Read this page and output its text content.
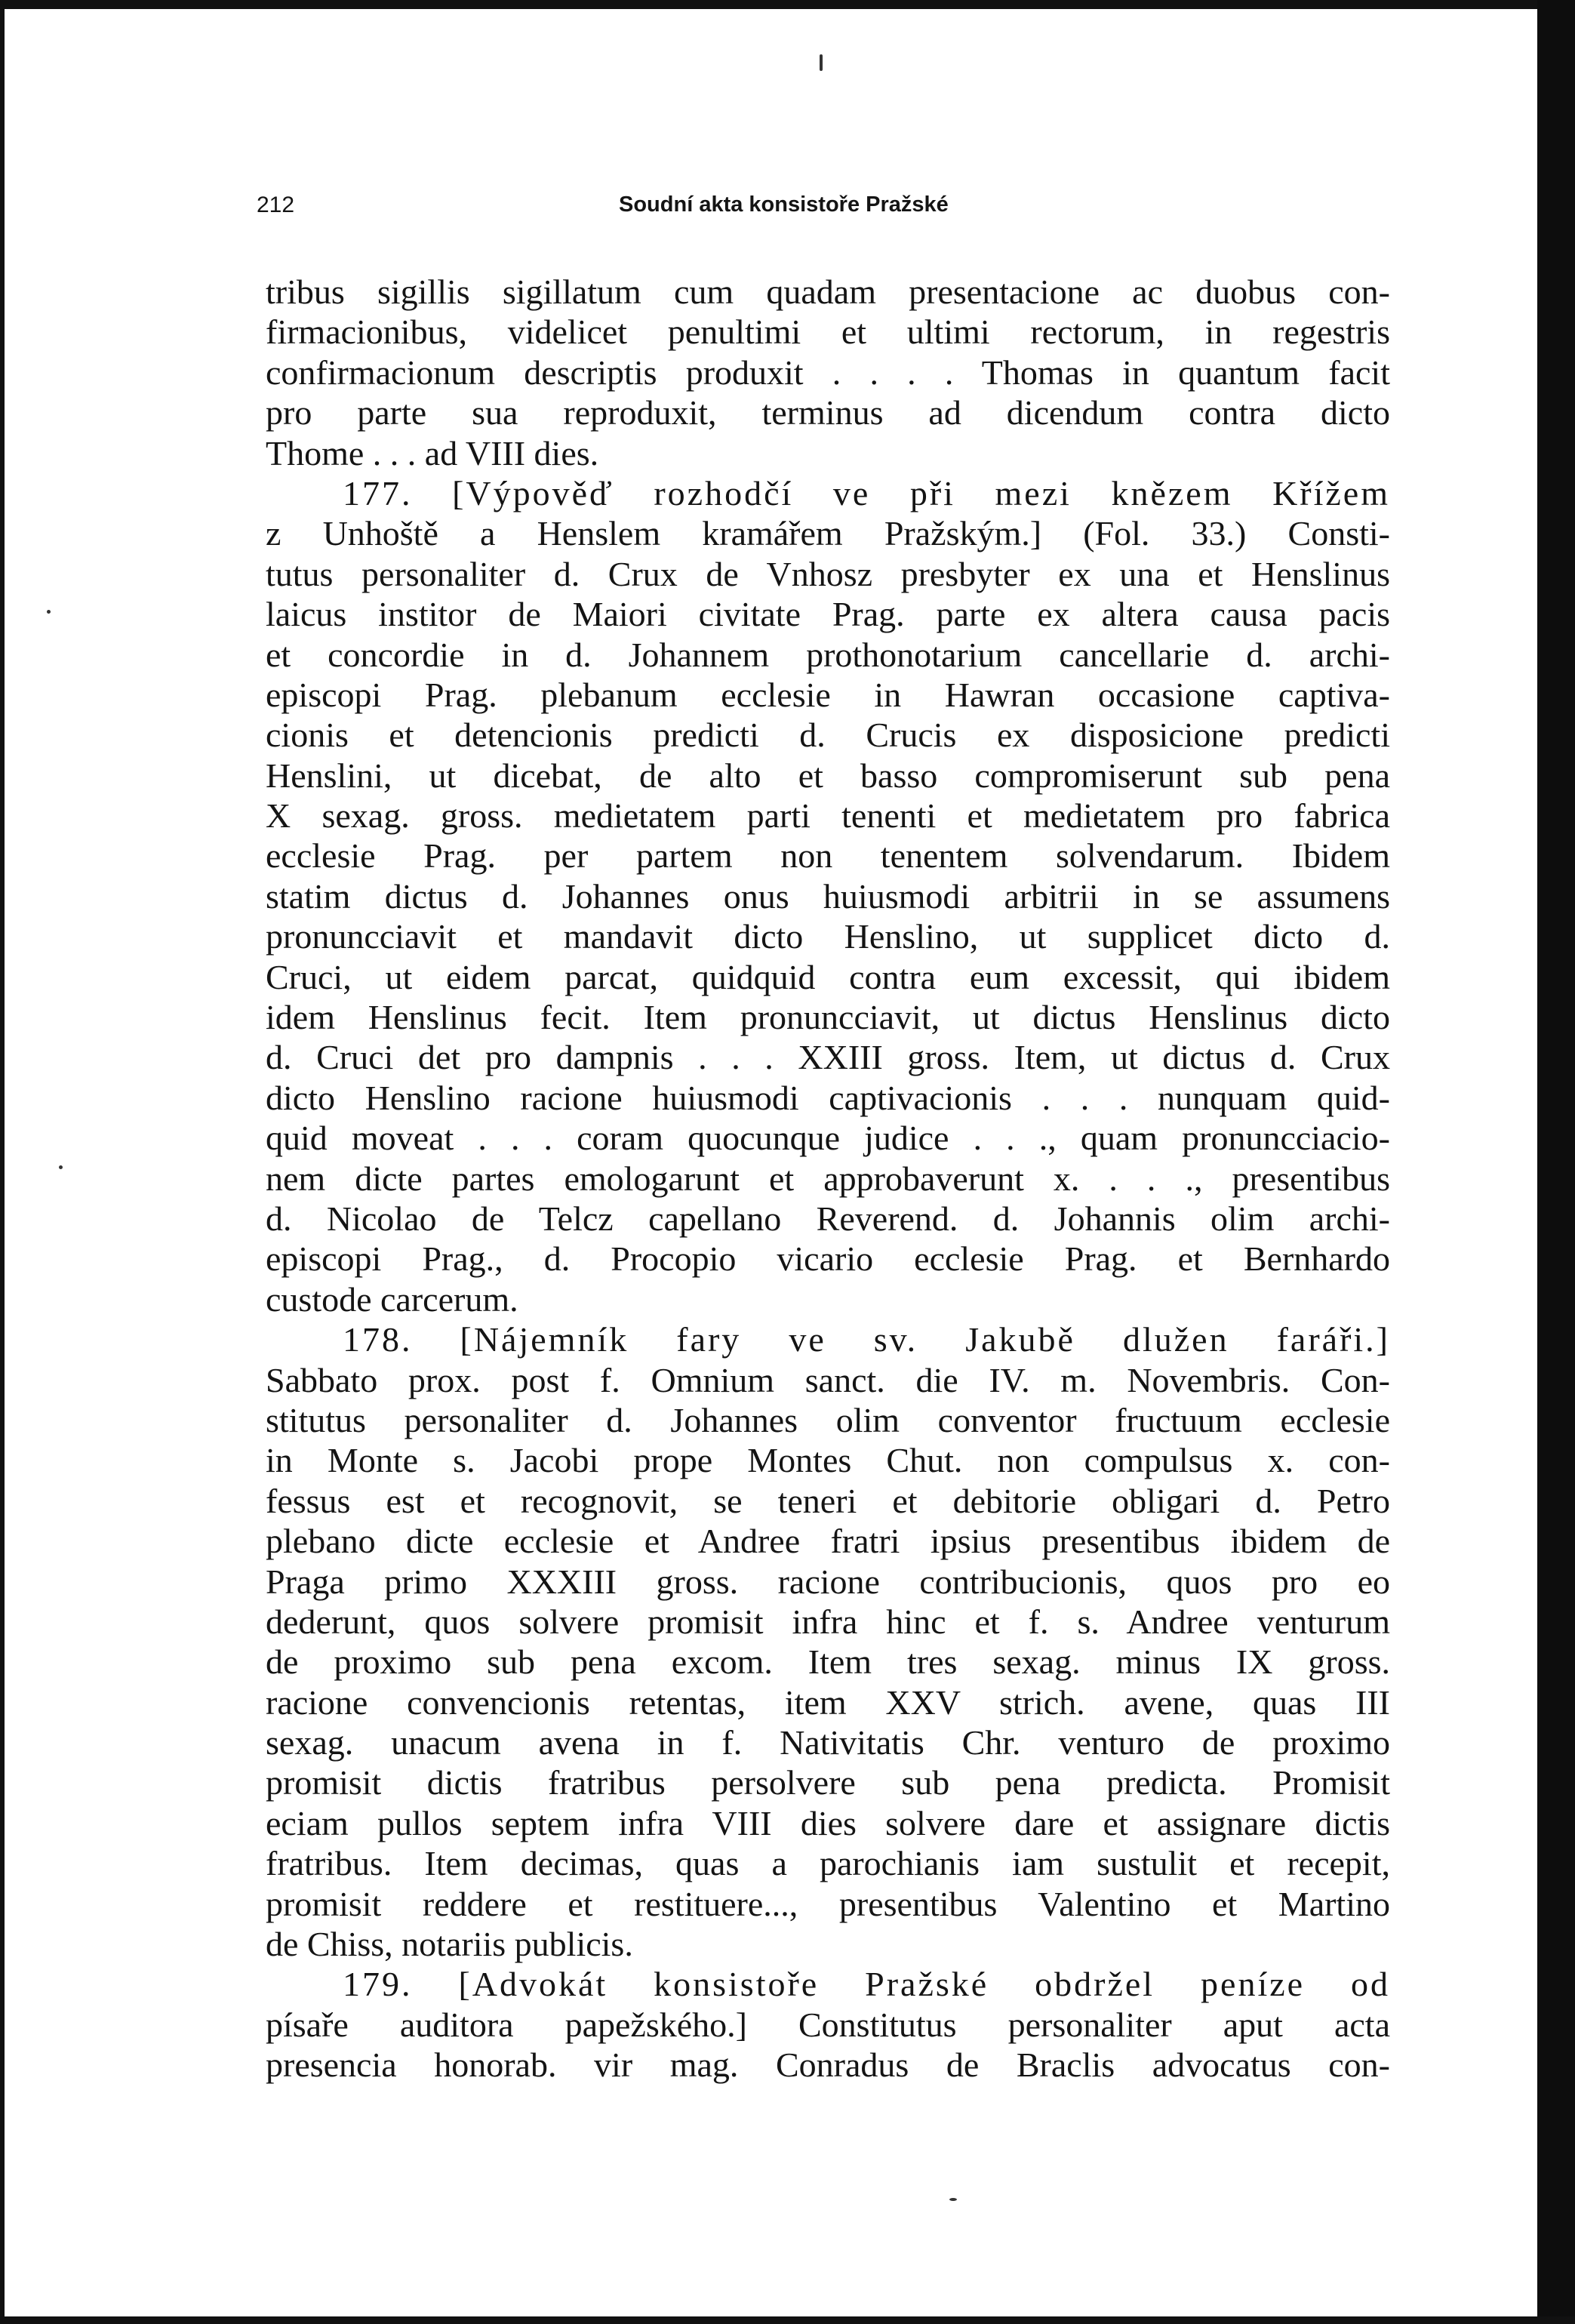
212	Soudní akta konsistoře Pražské
tribus sigillis sigillatum cum quadam presentacione ac duobus con-
firmacionibus, videlicet penultimi et ultimi rectorum, in regestris
confirmacionum descriptis produxit . . . . Thomas in quantum facit
pro parte sua reproduxit, terminus ad dicendum contra dicto
Thome . . . ad VIII dies.
177. [Výpověď rozhodčí ve při mezi knězem Křížem
z Unhoště a Henslem kramářem Pražským.] (Fol. 33.) Consti-
tutus personaliter d. Crux de Vnhosz presbyter ex una et Henslinus
laicus institor de Maiori civitate Prag. parte ex altera causa pacis
et concordie in d. Johannem prothonotarium cancellarie d. archi-
episcopi Prag. plebanum ecclesie in Hawran occasione captiva-
cionis et detencionis predicti d. Crucis ex disposicione predicti
Henslini, ut dicebat, de alto et basso compromiserunt sub pena
X sexag. gross. medietatem parti tenenti et medietatem pro fabrica
ecclesie Prag. per partem non tenentem solvendarum. Ibidem
statim dictus d. Johannes onus huiusmodi arbitrii in se assumens
pronuncciavit et mandavit dicto Henslino, ut supplicet dicto d.
Cruci, ut eidem parcat, quidquid contra eum excessit, qui ibidem
idem Henslinus fecit. Item pronuncciavit, ut dictus Henslinus dicto
d. Cruci det pro dampnis . . . XXIII gross. Item, ut dictus d. Crux
dicto Henslino racione huiusmodi captivacionis . . . nunquam quid-
quid moveat . . . coram quocunque judice . . ., quam pronuncciacio-
nem dicte partes emologarunt et approbaverunt x. . . ., presentibus
d. Nicolao de Telcz capellano Reverend. d. Johannis olim archi-
episcopi Prag., d. Procopio vicario ecclesie Prag. et Bernhardo
custode carcerum.
178. [Nájemník fary ve sv. Jakubě dlužen faráři.]
Sabbato prox. post f. Omnium sanct. die IV. m. Novembris. Con-
stitutus personaliter d. Johannes olim conventor fructuum ecclesie
in Monte s. Jacobi prope Montes Chut. non compulsus x. con-
fessus est et recognovit, se teneri et debitorie obligari d. Petro
plebano dicte ecclesie et Andree fratri ipsius presentibus ibidem de
Praga primo XXXIII gross. racione contribucionis, quos pro eo
dederunt, quos solvere promisit infra hinc et f. s. Andree venturum
de proximo sub pena excom. Item tres sexag. minus IX gross.
racione convencionis retentas, item XXV strich. avene, quas III
sexag. unacum avena in f. Nativitatis Chr. venturo de proximo
promisit dictis fratribus persolvere sub pena predicta. Promisit
eciam pullos septem infra VIII dies solvere dare et assignare dictis
fratribus. Item decimas, quas a parochianis iam sustulit et recepit,
promisit reddere et restituere..., presentibus Valentino et Martino
de Chiss, notariis publicis.
179. [Advokát konsistoře Pražské obdržel peníze od
písaře auditora papežského.] Constitutus personaliter aput acta
presencia honorab. vir mag. Conradus de Braclis advocatus con-
